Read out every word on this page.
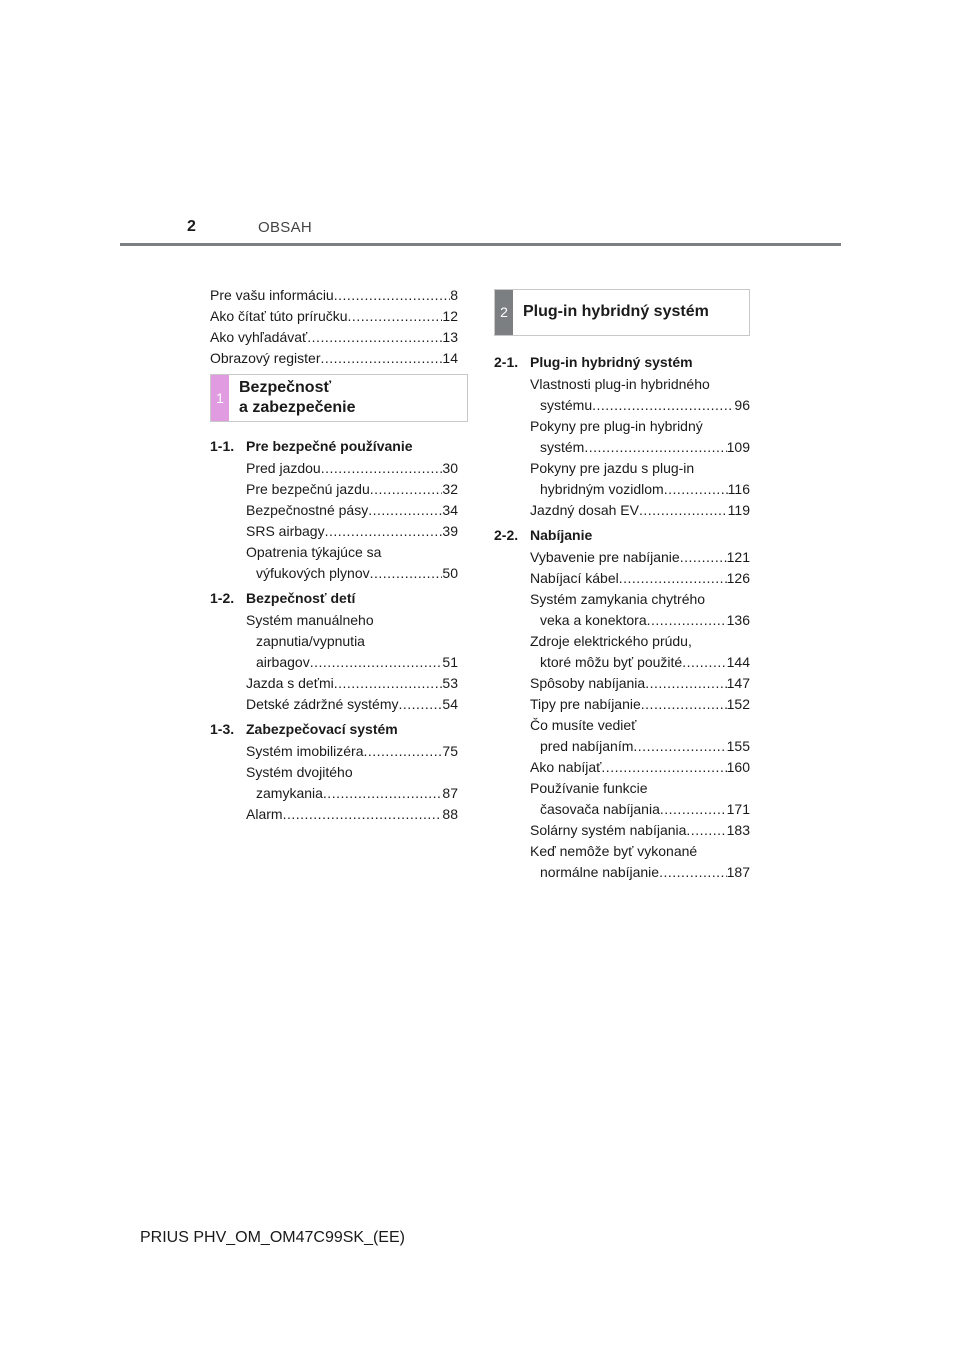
2	OBSAH
Pre vašu informáciu .....	8
Ako čítať túto príručku .....	12
Ako vyhľadávať .....	13
Obrazový register .....	14
1
Bezpečnosť
a zabezpečenie
1-1. Pre bezpečné používanie
Pred jazdou .....	30
Pre bezpečnú jazdu .....	32
Bezpečnostné pásy .....	34
SRS airbagy .....	39
Opatrenia týkajúce sa
výfukových plynov .....	50
1-2. Bezpečnosť detí
Systém manuálneho
zapnutia/vypnutia
airbagov .....	51
Jazda s deťmi .....	53
Detské zádržné systémy .....	54
1-3. Zabezpečovací systém
Systém imobilizéra .....	75
Systém dvojitého
zamykania .....	87
Alarm .....	88
2 Plug-in hybridný systém
2-1. Plug-in hybridný systém
Vlastnosti plug-in hybridného
systému .....	96
Pokyny pre plug-in hybridný
systém .....	109
Pokyny pre jazdu s plug-in
hybridným vozidlom .....	116
Jazdný dosah EV .....	119
2-2. Nabíjanie
Vybavenie pre nabíjanie .....	121
Nabíjací kábel .....	126
Systém zamykania chytrého
veka a konektora .....	136
Zdroje elektrického prúdu,
ktoré môžu byť použité .....	144
Spôsoby nabíjania .....	147
Tipy pre nabíjanie .....	152
Čo musíte vedieť
pred nabíjaním .....	155
Ako nabíjať .....	160
Používanie funkcie
časovača nabíjania .....	171
Solárny systém nabíjania .....	183
Keď nemôže byť vykonané
normálne nabíjanie .....	187
PRIUS PHV_OM_OM47C99SK_(EE)
